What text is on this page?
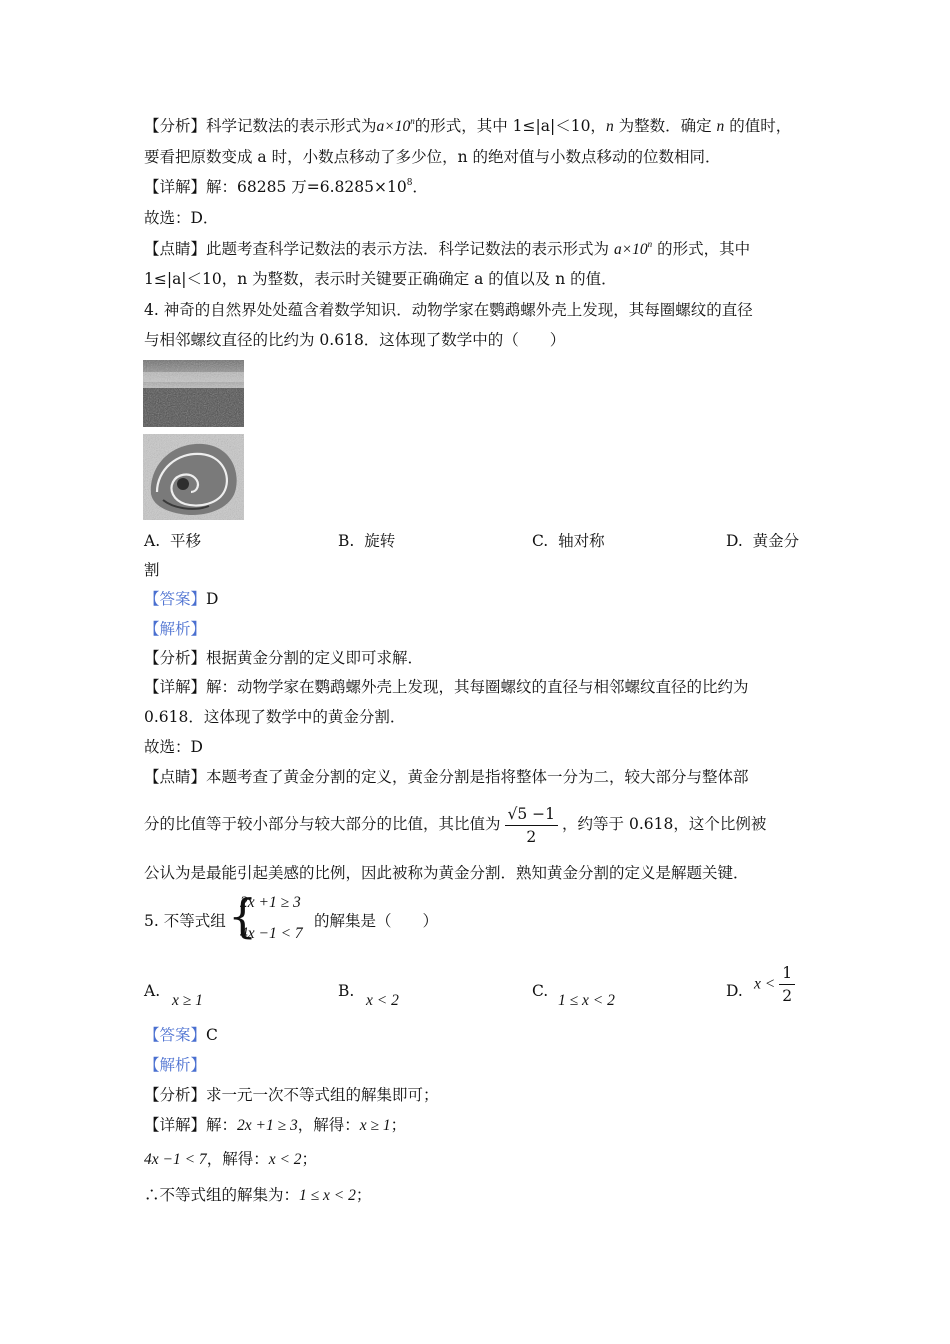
【分析】科学记数法的表示形式为$a\times 10^n$的形式，其中 1≤|a|＜10，n 为整数．确定 n 的值时，
要看把原数变成 a 时，小数点移动了多少位，n 的绝对值与小数点移动的位数相同．
【详解】解：68285 万$=6.8285\times 10^8$．
故选：D．
【点睛】此题考查科学记数法的表示方法．科学记数法的表示形式为 $a\times 10^n$ 的形式，其中
1≤|a|＜10，n 为整数，表示时关键要正确确定 a 的值以及 n 的值．
4. 神奇的自然界处处蕴含着数学知识．动物学家在鹦鹉螺外壳上发现，其每圈螺纹的直径
与相邻螺纹直径的比约为 0.618．这体现了数学中的（　　）
A. 平移	B. 旋转	C. 轴对称	D. 黄金分
割
【答案】D
【解析】
【分析】根据黄金分割的定义即可求解．
【详解】解：动物学家在鹦鹉螺外壳上发现，其每圈螺纹的直径与相邻螺纹直径的比约为
0.618．这体现了数学中的黄金分割．
故选：D
【点睛】本题考查了黄金分割的定义，黄金分割是指将整体一分为二，较大部分与整体部
分的比值等于较小部分与较大部分的比值，其比值为 $\frac{√5 -1}{2}$ ，约等于 0.618，这个比例被
公认为是最能引起美感的比例，因此被称为黄金分割．熟知黄金分割的定义是解题关键．
5. 不等式组 {
2x +1 ≥ 3
4x −1 < 7
的解集是（　　）
A.
x ≥ 1
B.
x < 2
C.
1 ≤ x < 2
D. $x < \frac{1}{2}$
【答案】C
【解析】
【分析】求一元一次不等式组的解集即可；
【详解】解：2x +1 ≥ 3，解得：x ≥ 1；
4x −1 < 7，解得：x < 2；
∴不等式组的解集为：1 ≤ x < 2；
